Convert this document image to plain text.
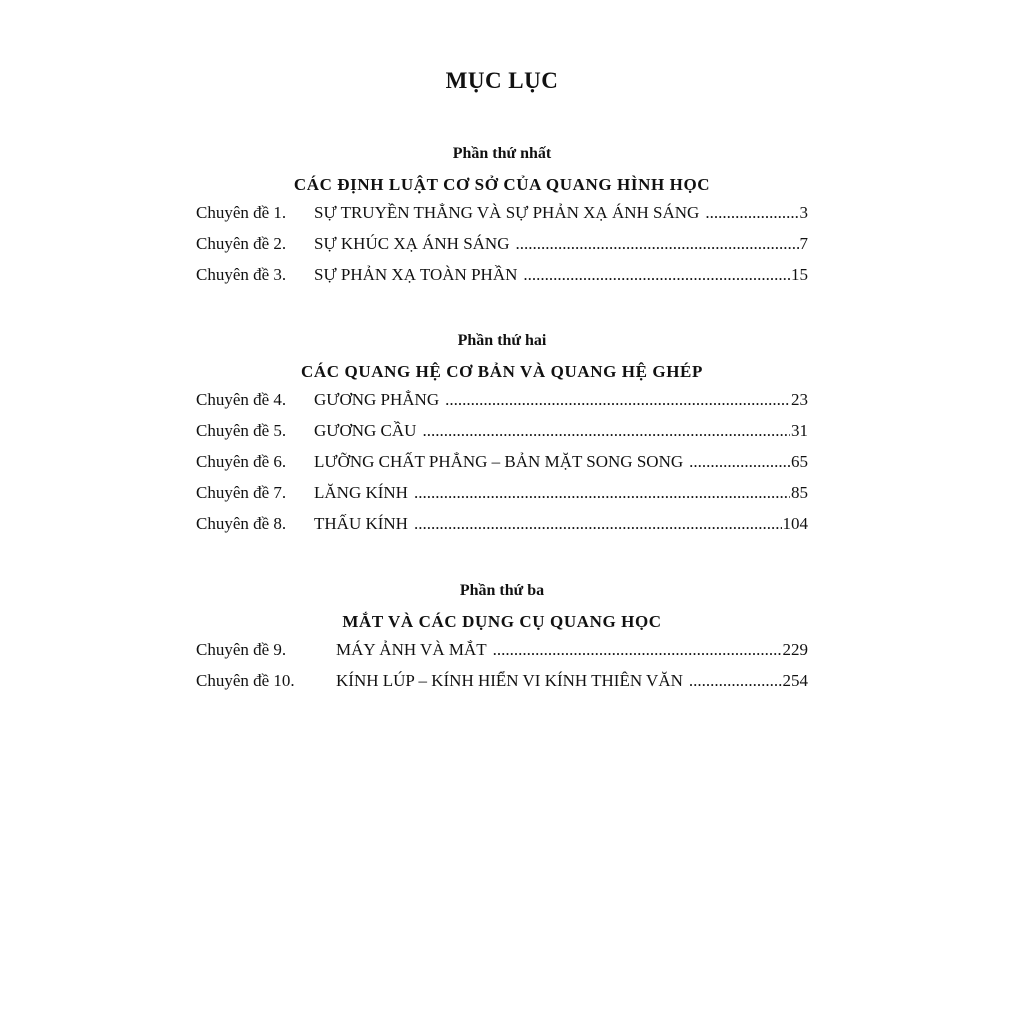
MỤC LỤC
Phần thứ nhất
CÁC ĐỊNH LUẬT CƠ SỞ CỦA QUANG HÌNH HỌC
Chuyên đề 1.	SỰ TRUYỀN THẲNG VÀ SỰ PHẢN XẠ ÁNH SÁNG .....	3
Chuyên đề 2.	SỰ KHÚC XẠ ÁNH SÁNG .....	7
Chuyên đề 3.	SỰ PHẢN XẠ TOÀN PHẦN .....	15
Phần thứ hai
CÁC QUANG HỆ CƠ BẢN VÀ QUANG HỆ GHÉP
Chuyên đề 4.	GƯƠNG PHẲNG .....	23
Chuyên đề 5.	GƯƠNG CẦU .....	31
Chuyên đề 6.	LƯỠNG CHẤT PHẲNG – BẢN MẶT SONG SONG .....	65
Chuyên đề 7.	LĂNG KÍNH .....	85
Chuyên đề 8.	THẤU KÍNH .....	104
Phần thứ ba
MẮT VÀ CÁC DỤNG CỤ QUANG HỌC
Chuyên đề 9.	MÁY ẢNH VÀ MẮT .....	229
Chuyên đề 10.	KÍNH LÚP – KÍNH HIỂN VI KÍNH THIÊN VĂN .....	254
